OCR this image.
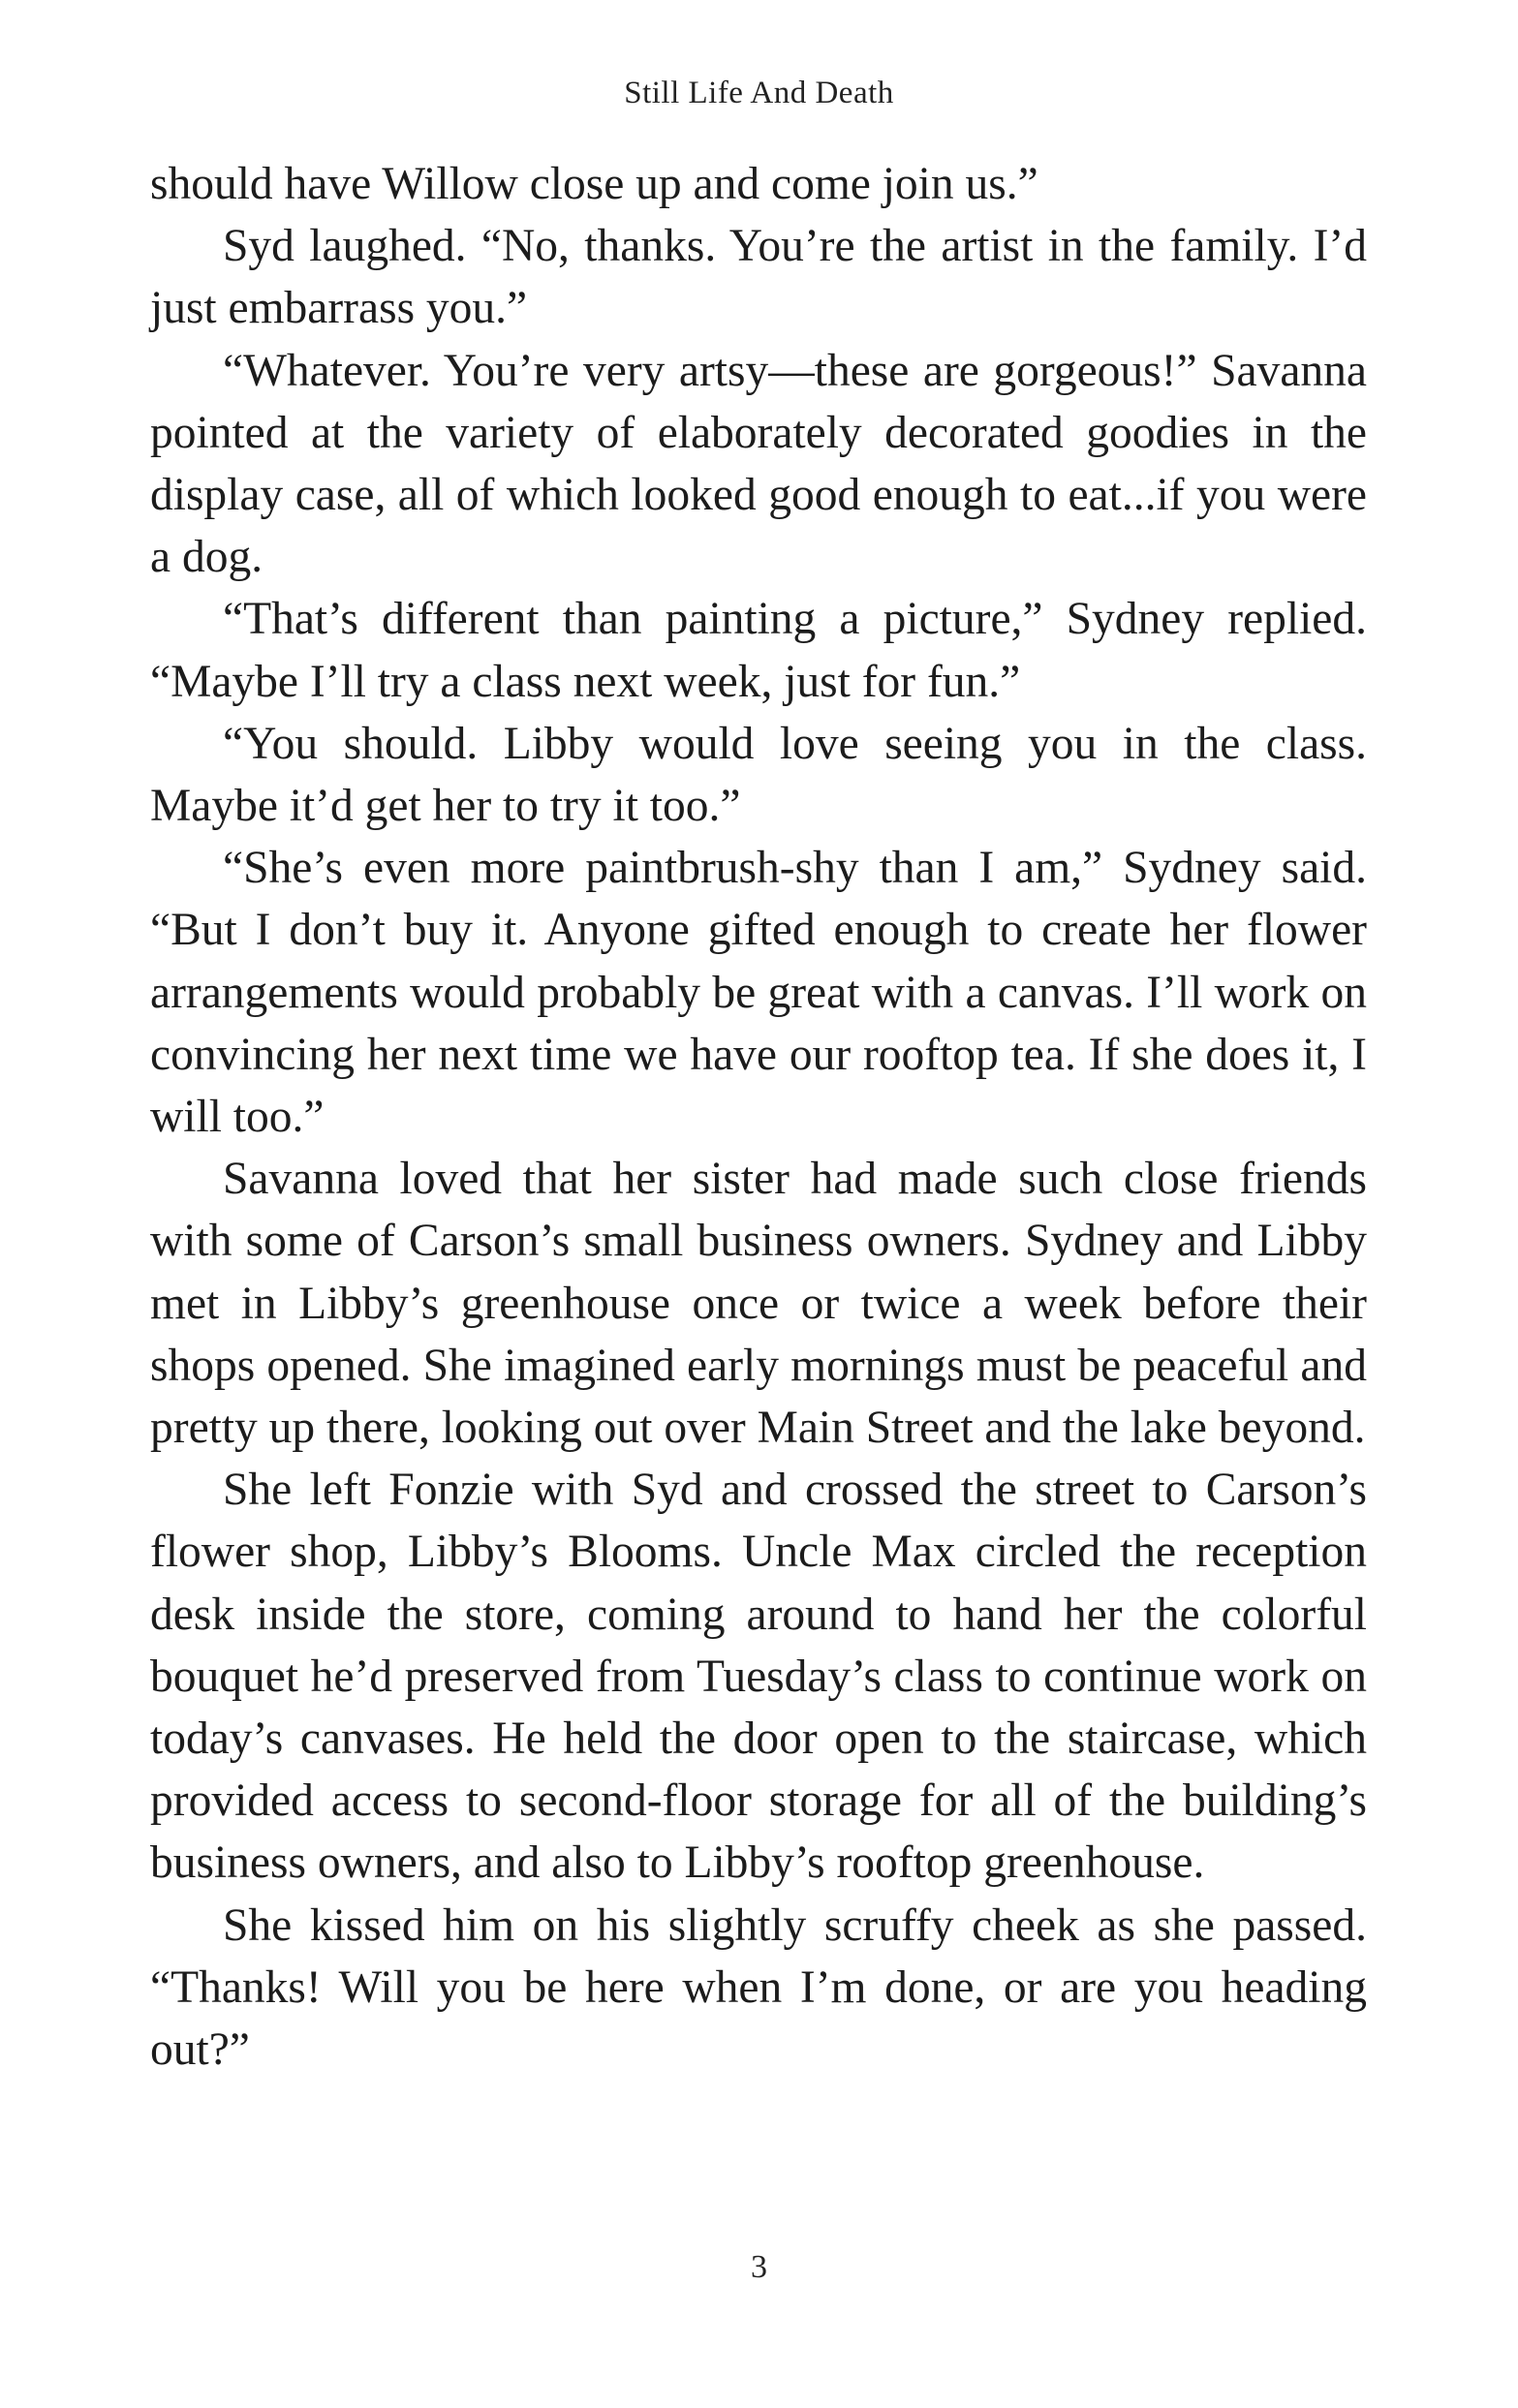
Still Life And Death

should have Willow close up and come join us.”

Syd laughed. “No, thanks. You’re the artist in the family. I’d just embarrass you.”

“Whatever. You’re very artsy—these are gorgeous!” Savanna pointed at the variety of elaborately decorated goodies in the display case, all of which looked good enough to eat...if you were a dog.

“That’s different than painting a picture,” Sydney replied. “Maybe I’ll try a class next week, just for fun.”

“You should. Libby would love seeing you in the class. Maybe it’d get her to try it too.”

“She’s even more paintbrush-shy than I am,” Sydney said. “But I don’t buy it. Anyone gifted enough to create her flower arrangements would probably be great with a canvas. I’ll work on convincing her next time we have our rooftop tea. If she does it, I will too.”

Savanna loved that her sister had made such close friends with some of Carson’s small business owners. Sydney and Libby met in Libby’s greenhouse once or twice a week before their shops opened. She imagined early mornings must be peaceful and pretty up there, looking out over Main Street and the lake beyond.

She left Fonzie with Syd and crossed the street to Carson’s flower shop, Libby’s Blooms. Uncle Max circled the reception desk inside the store, coming around to hand her the colorful bouquet he’d preserved from Tuesday’s class to continue work on today’s canvases. He held the door open to the staircase, which provided access to second-floor storage for all of the building’s business owners, and also to Libby’s rooftop greenhouse.

She kissed him on his slightly scruffy cheek as she passed. “Thanks! Will you be here when I’m done, or are you heading out?”

3
